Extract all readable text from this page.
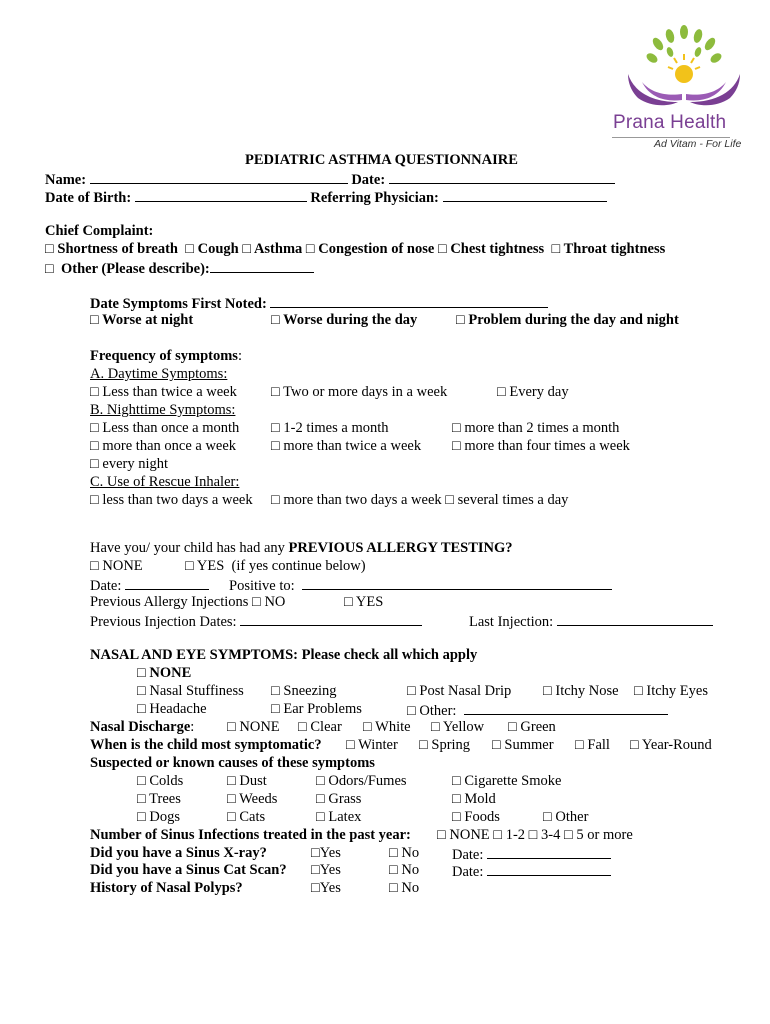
Prana Health
Ad Vitam - For Life
PEDIATRIC ASTHMA QUESTIONNAIRE
Name:	Date:
Date of Birth:	Referring Physician:
Chief Complaint:
□ Shortness of breath □ Cough □ Asthma □ Congestion of nose □ Chest tightness □ Throat tightness
□ Other (Please describe):
Date Symptoms First Noted:
□ Worse at night	□ Worse during the day	□ Problem during the day and night
Frequency of symptoms:
A. Daytime Symptoms:
□ Less than twice a week □ Two or more days in a week	□ Every day
B. Nighttime Symptoms:
□ Less than once a month □ 1-2 times a month	□ more than 2 times a month
□ more than once a week □ more than twice a week □ more than four times a week
□ every night
C. Use of Rescue Inhaler:
□ less than two days a week □ more than two days a week □ several times a day
Have you/ your child has had any PREVIOUS ALLERGY TESTING?
□ NONE	□ YES (if yes continue below)
Date:	Positive to:
Previous Allergy Injections □ NO	□ YES
Previous Injection Dates:	Last Injection:
NASAL AND EYE SYMPTOMS: Please check all which apply
□ NONE
□ Nasal Stuffiness □ Sneezing	□ Post Nasal Drip □ Itchy Nose □ Itchy Eyes
□ Headache	□ Ear Problems	□ Other:
Nasal Discharge: □ NONE □ Clear □ White □ Yellow □ Green
When is the child most symptomatic? □ Winter □ Spring □ Summer □ Fall □ Year-Round
Suspected or known causes of these symptoms
□ Colds	□ Dust	□ Odors/Fumes	□ Cigarette Smoke
□ Trees	□ Weeds	□ Grass	□ Mold
□ Dogs	□ Cats	□ Latex	□ Foods	□ Other
Number of Sinus Infections treated in the past year: □ NONE □ 1-2 □ 3-4 □ 5 or more
Did you have a Sinus X-ray?	□Yes	□ No Date:
Did you have a Sinus Cat Scan? □Yes	□ No Date:
History of Nasal Polyps?	□Yes	□ No
